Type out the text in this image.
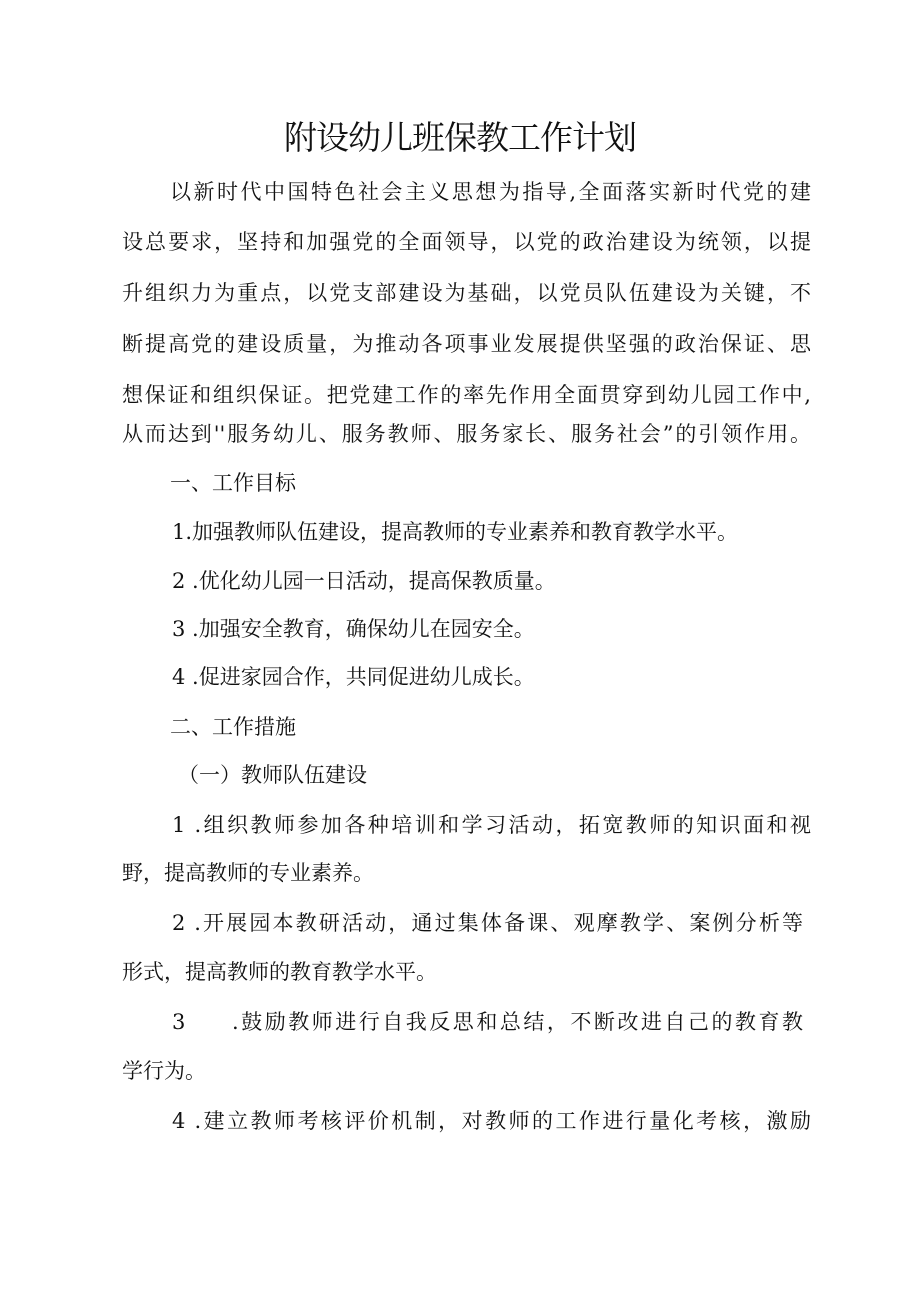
附设幼儿班保教工作计划
以新时代中国特色社会主义思想为指导,全面落实新时代党的建
设总要求，坚持和加强党的全面领导，以党的政治建设为统领，以提
升组织力为重点，以党支部建设为基础，以党员队伍建设为关键，不
断提高党的建设质量，为推动各项事业发展提供坚强的政治保证、思
想保证和组织保证。把党建工作的率先作用全面贯穿到幼儿园工作中,
从而达到''服务幼儿、服务教师、服务家长、服务社会”的引领作用。
一、工作目标
1.加强教师队伍建设，提高教师的专业素养和教育教学水平。
2 .优化幼儿园一日活动，提高保教质量。
3 .加强安全教育，确保幼儿在园安全。
4 .促进家园合作，共同促进幼儿成长。
二、工作措施
（一）教师队伍建设
1 .组织教师参加各种培训和学习活动，拓宽教师的知识面和视
野，提高教师的专业素养。
2 .开展园本教研活动，通过集体备课、观摩教学、案例分析等
形式，提高教师的教育教学水平。
3 .鼓励教师进行自我反思和总结，不断改进自己的教育教
学行为。
4 .建立教师考核评价机制，对教师的工作进行量化考核，激励
